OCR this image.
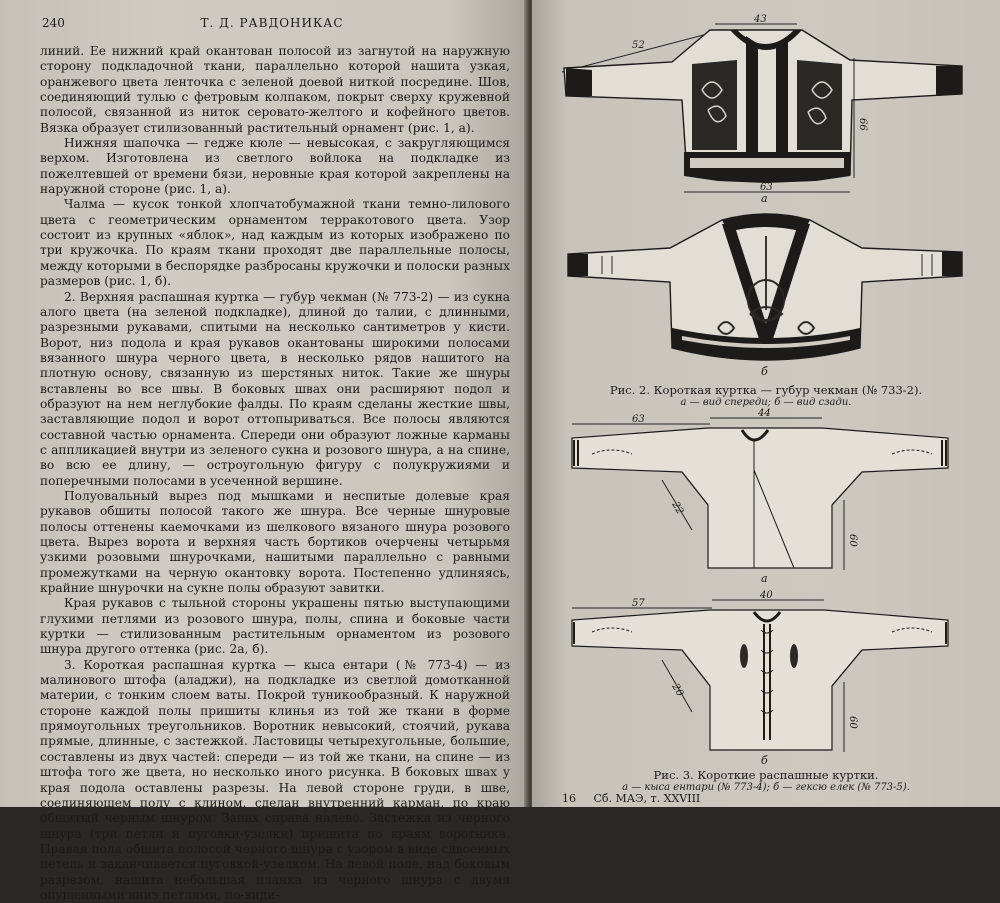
240	Т. Д. РАВДОНИКАС

линий. Ее нижний край окантован полосой из загнутой на наружную сторону подкладочной ткани, параллельно которой нашита узкая, оранжевого цвета ленточка с зеленой доевой ниткой посредине. Шов, соединяющий тулью с фетровым колпаком, покрыт сверху кружевной полосой, связанной из ниток серовато-желтого и кофейного цветов. Вязка образует стилизованный растительный орнамент (рис. 1, а).

Нижняя шапочка — гедже кюле — невысокая, с закругляющимся верхом. Изготовлена из светлого войлока на подкладке из пожелтевшей от времени бязи, неровные края которой закреплены на наружной стороне (рис. 1, а).

Чалма — кусок тонкой хлопчатобумажной ткани темно-лилового цвета с геометрическим орнаментом терракотового цвета. Узор состоит из крупных «яблок», над каждым из которых изображено по три кружочка. По краям ткани проходят две параллельные полосы, между которыми в беспорядке разбросаны кружочки и полоски разных размеров (рис. 1, б).

2. Верхняя распашная куртка — губур чекман (№ 773-2) — из сукна алого цвета (на зеленой подкладке), длиной до талии, с длинными, разрезными рукавами, спитыми на несколько сантиметров у кисти. Ворот, низ подола и края рукавов окантованы широкими полосами вязанного шнура черного цвета, в несколько рядов нашитого на плотную основу, связанную из шерстяных ниток. Такие же шнуры вставлены во все швы. В боковых швах они расширяют подол и образуют на нем неглубокие фалды. По краям сделаны жесткие швы, заставляющие подол и ворот оттопыриваться. Все полосы являются составной частью орнамента. Спереди они образуют ложные карманы с аппликацией внутри из зеленого сукна и розового шнура, а на спине, во всю ее длину, — остроугольную фигуру с полукружиями и поперечными полосами в усеченной вершине.

Полуовальный вырез под мышками и неспитые долевые края рукавов обшиты полосой такого же шнура. Все черные шнуровые полосы оттенены каемочками из шелкового вязаного шнура розового цвета. Вырез ворота и верхняя часть бортиков очерчены четырьмя узкими розовыми шнурочками, нашитыми параллельно с равными промежутками на черную окантовку ворота. Постепенно удлиняясь, крайние шнурочки на сукне полы образуют завитки.

Края рукавов с тыльной стороны украшены пятью выступающими глухими петлями из розового шнура, полы, спина и боковые части куртки — стилизованным растительным орнаментом из розового шнура другого оттенка (рис. 2а, б).

3. Короткая распашная куртка — кыса ентари (№ 773-4) — из малинового штофа (аладжи), на подкладке из светлой домотканной материи, с тонким слоем ваты. Покрой туникообразный. К наружной стороне каждой полы пришиты клинья из той же ткани в форме прямоугольных треугольников. Воротник невысокий, стоячий, рукава прямые, длинные, с застежкой. Ластовицы четырехугольные, большие, составлены из двух частей: спереди — из той же ткани, на спине — из штофа того же цвета, но несколько иного рисунка. В боковых швах у края подола оставлены разрезы. На левой стороне груди, в шве, соединяющем полу с клином, сделан внутренний карман, по краю обшитый черным шнуром. Запах справа налево. Застежка из черного шнура (три петли и пуговки-узелки) пришита по краям воротника. Правая пола обшита полосой черного шнура с узором в виде сдвоенных петель и заканчивается пуговкой-узелком. На левой поле, над боковым разрезом, нашита небольшая планка из черного шнура с двумя опущенными вниз петлями, по-види-

43
52
66
63
а
б
Рис. 2. Короткая куртка — губур чекман (№ 733-2).
а — вид спереди; б — вид сзади.
63
44
22
60
а
57
40
20
60
б
Рис. 3. Короткие распашные куртки.
а — кыса ентари (№ 773-4); б — гексю елек (№ 773-5).
16 Сб. МАЭ, т. XXVIII
